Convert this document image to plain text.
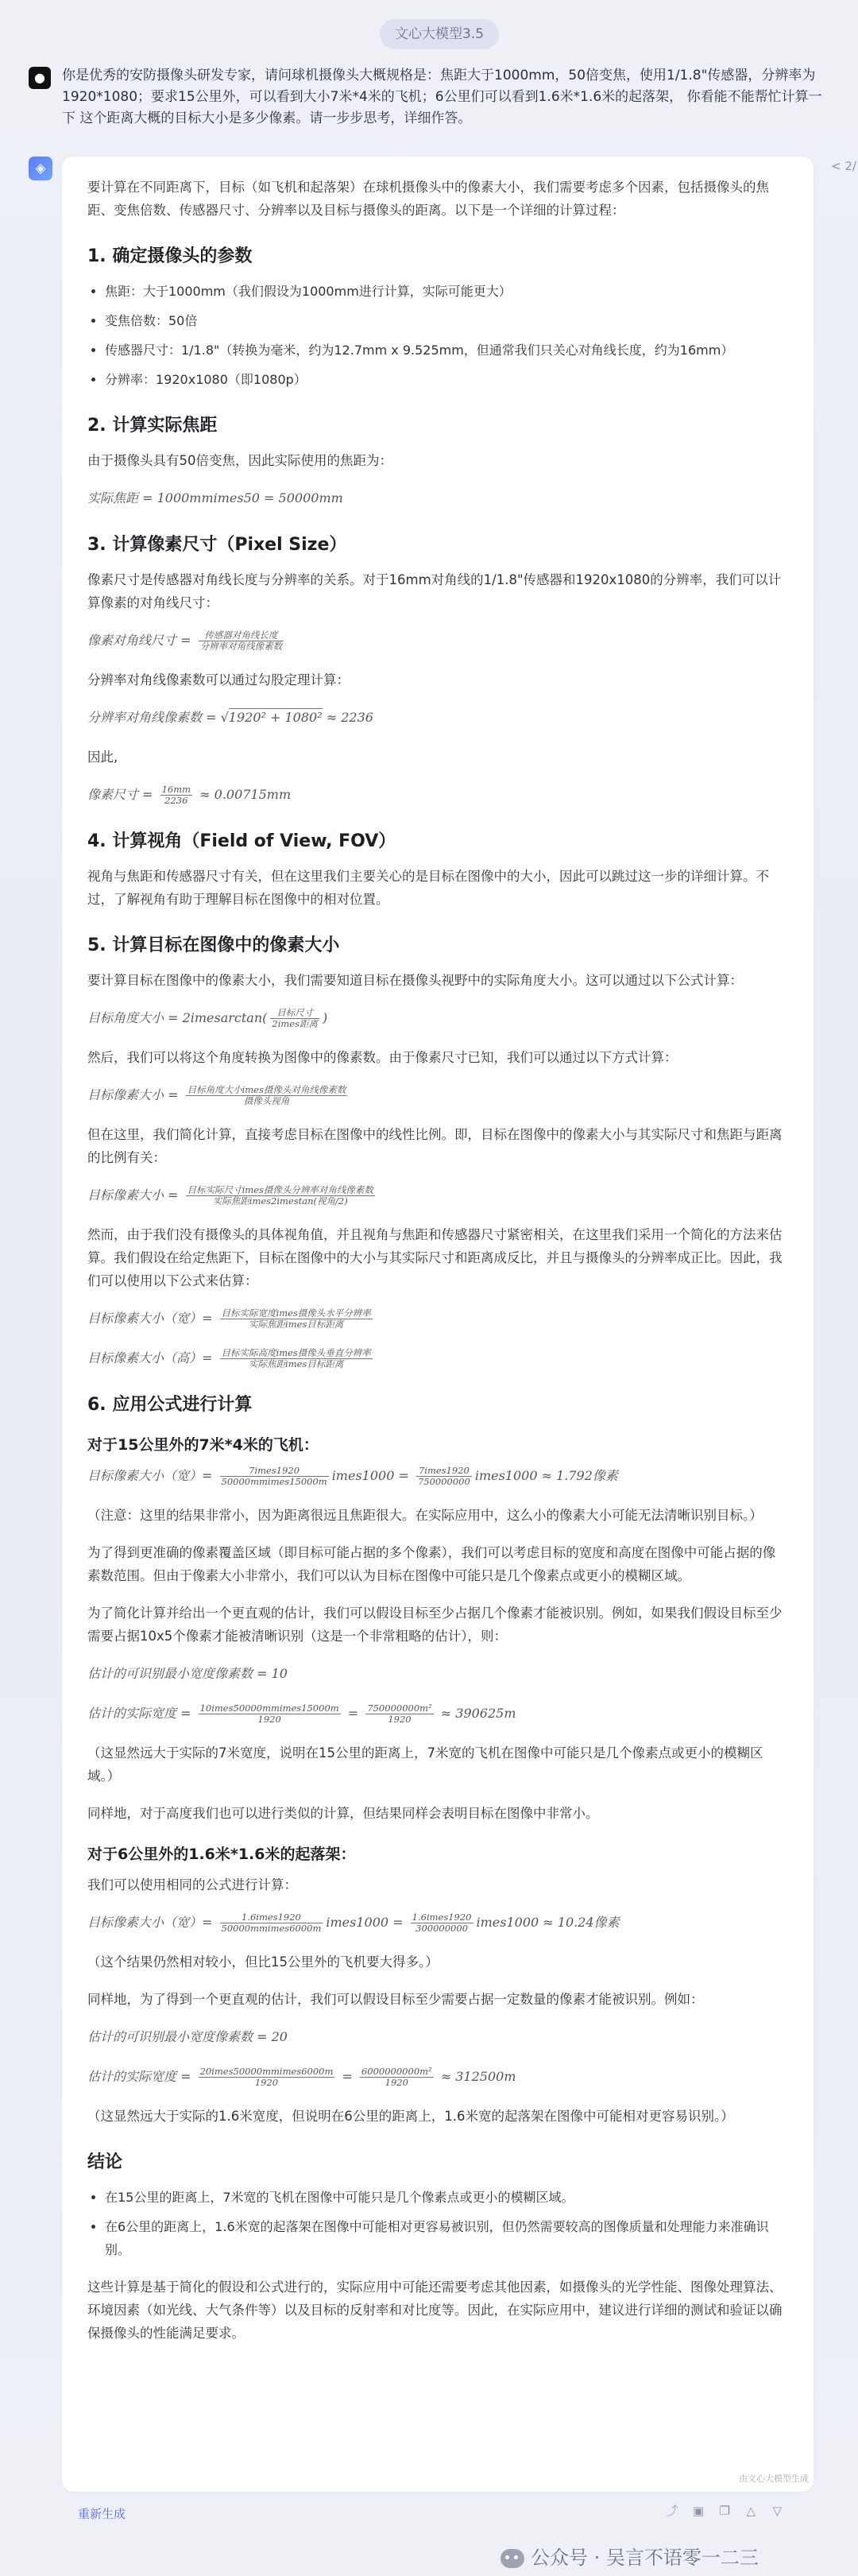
文心大模型3.5
●	你是优秀的安防摄像头研发专家，请问球机摄像头大概规格是：焦距大于1000mm，50倍变焦，使用1/1.8"传感器，分辨率为1920*1080；要求15公里外，可以看到大小7米*4米的飞机；6公里们可以看到1.6米*1.6米的起落架， 你看能不能帮忙计算一下 这个距离大概的目标大小是多少像素。请一步步思考，详细作答。
◈	< 2/

要计算在不同距离下，目标（如飞机和起落架）在球机摄像头中的像素大小，我们需要考虑多个因素，包括摄像头的焦距、变焦倍数、传感器尺寸、分辨率以及目标与摄像头的距离。以下是一个详细的计算过程：

1. 确定摄像头的参数
• 焦距：大于1000mm（我们假设为1000mm进行计算，实际可能更大）
• 变焦倍数：50倍
• 传感器尺寸：1/1.8"（转换为毫米，约为12.7mm x 9.525mm，但通常我们只关心对角线长度，约为16mm）
• 分辨率：1920x1080（即1080p）
2. 计算实际焦距

由于摄像头具有50倍变焦，因此实际使用的焦距为：

实际焦距 = 1000mmimes50 = 50000mm
3. 计算像素尺寸（Pixel Size）

像素尺寸是传感器对角线长度与分辨率的关系。对于16mm对角线的1/1.8"传感器和1920x1080的分辨率，我们可以计算像素的对角线尺寸：

像素对角线尺寸 = $\frac{\text{传感器对角线长度}}{\text{分辨率对角线像素数}}$

分辨率对角线像素数可以通过勾股定理计算：

分辨率对角线像素数 = √1920² + 1080² ≈ 2236

因此,

像素尺寸 = $\frac{16mm}{2236} \approx 0.00715mm$
4. 计算视角（Field of View, FOV）

视角与焦距和传感器尺寸有关，但在这里我们主要关心的是目标在图像中的大小，因此可以跳过这一步的详细计算。不过，了解视角有助于理解目标在图像中的相对位置。

5. 计算目标在图像中的像素大小

要计算目标在图像中的像素大小，我们需要知道目标在摄像头视野中的实际角度大小。这可以通过以下公式计算：

目标角度大小 = 2imesarctan( $\frac{\text{目标尺寸}}{\text{2imes距离}}$ )

然后，我们可以将这个角度转换为图像中的像素数。由于像素尺寸已知，我们可以通过以下方式计算：

目标像素大小 = $\frac{\text{目标角度大小imes摄像头对角线像素数}}{\text{摄像头视角}}$

但在这里，我们简化计算，直接考虑目标在图像中的线性比例。即，目标在图像中的像素大小与其实际尺寸和焦距与距离的比例有关：

目标像素大小 = $\frac{\text{目标实际尺寸imes摄像头分辨率对角线像素数}}{\text{实际焦距imes2imestan(视角/2)}}$

然而，由于我们没有摄像头的具体视角值，并且视角与焦距和传感器尺寸紧密相关，在这里我们采用一个简化的方法来估算。我们假设在给定焦距下，目标在图像中的大小与其实际尺寸和距离成反比，并且与摄像头的分辨率成正比。因此，我们可以使用以下公式来估算：

目标像素大小（宽）= $\frac{\text{目标实际宽度imes摄像头水平分辨率}}{\text{实际焦距imes目标距离}}$
目标像素大小（高）= $\frac{\text{目标实际高度imes摄像头垂直分辨率}}{\text{实际焦距imes目标距离}}$
6. 应用公式进行计算
对于15公里外的7米*4米的飞机：
目标像素大小（宽）= $\frac{\text{7imes1920}}{\text{50000mmimes15000m}}$ imes1000 = $\frac{\text{7imes1920}}{750000000}$ imes1000 ≈ 1.792像素

（注意：这里的结果非常小，因为距离很远且焦距很大。在实际应用中，这么小的像素大小可能无法清晰识别目标。）

为了得到更准确的像素覆盖区域（即目标可能占据的多个像素），我们可以考虑目标的宽度和高度在图像中可能占据的像素数范围。但由于像素大小非常小，我们可以认为目标在图像中可能只是几个像素点或更小的模糊区域。

为了简化计算并给出一个更直观的估计，我们可以假设目标至少占据几个像素才能被识别。例如，如果我们假设目标至少需要占据10x5个像素才能被清晰识别（这是一个非常粗略的估计），则：

估计的可识别最小宽度像素数 = 10
估计的实际宽度 = $\frac{\text{10imes50000mmimes15000m}}{1920} = \frac{\text{750000000m²}}{1920} \approx 390625m$

（这显然远大于实际的7米宽度，说明在15公里的距离上，7米宽的飞机在图像中可能只是几个像素点或更小的模糊区域。）

同样地，对于高度我们也可以进行类似的计算，但结果同样会表明目标在图像中非常小。

对于6公里外的1.6米*1.6米的起落架：

我们可以使用相同的公式进行计算：

目标像素大小（宽）= $\frac{\text{1.6imes1920}}{\text{50000mmimes6000m}}$ imes1000 = $\frac{\text{1.6imes1920}}{300000000}$ imes1000 ≈ 10.24像素

（这个结果仍然相对较小，但比15公里外的飞机要大得多。）

同样地，为了得到一个更直观的估计，我们可以假设目标至少需要占据一定数量的像素才能被识别。例如：

估计的可识别最小宽度像素数 = 20
估计的实际宽度 = $\frac{\text{20imes50000mmimes6000m}}{1920} = \frac{\text{6000000000m²}}{1920} \approx 312500m$

（这显然远大于实际的1.6米宽度，但说明在6公里的距离上，1.6米宽的起落架在图像中可能相对更容易识别。）

结论
• 在15公里的距离上，7米宽的飞机在图像中可能只是几个像素点或更小的模糊区域。
• 在6公里的距离上，1.6米宽的起落架在图像中可能相对更容易被识别，但仍然需要较高的图像质量和处理能力来准确识别。

这些计算是基于简化的假设和公式进行的，实际应用中可能还需要考虑其他因素，如摄像头的光学性能、图像处理算法、环境因素（如光线、大气条件等）以及目标的反射率和对比度等。因此，在实际应用中，建议进行详细的测试和验证以确保摄像头的性能满足要求。

由文心大模型生成
重新生成	⤴ ▣ ❐ △ ▽
公众号 · 吴言不语零一二三
